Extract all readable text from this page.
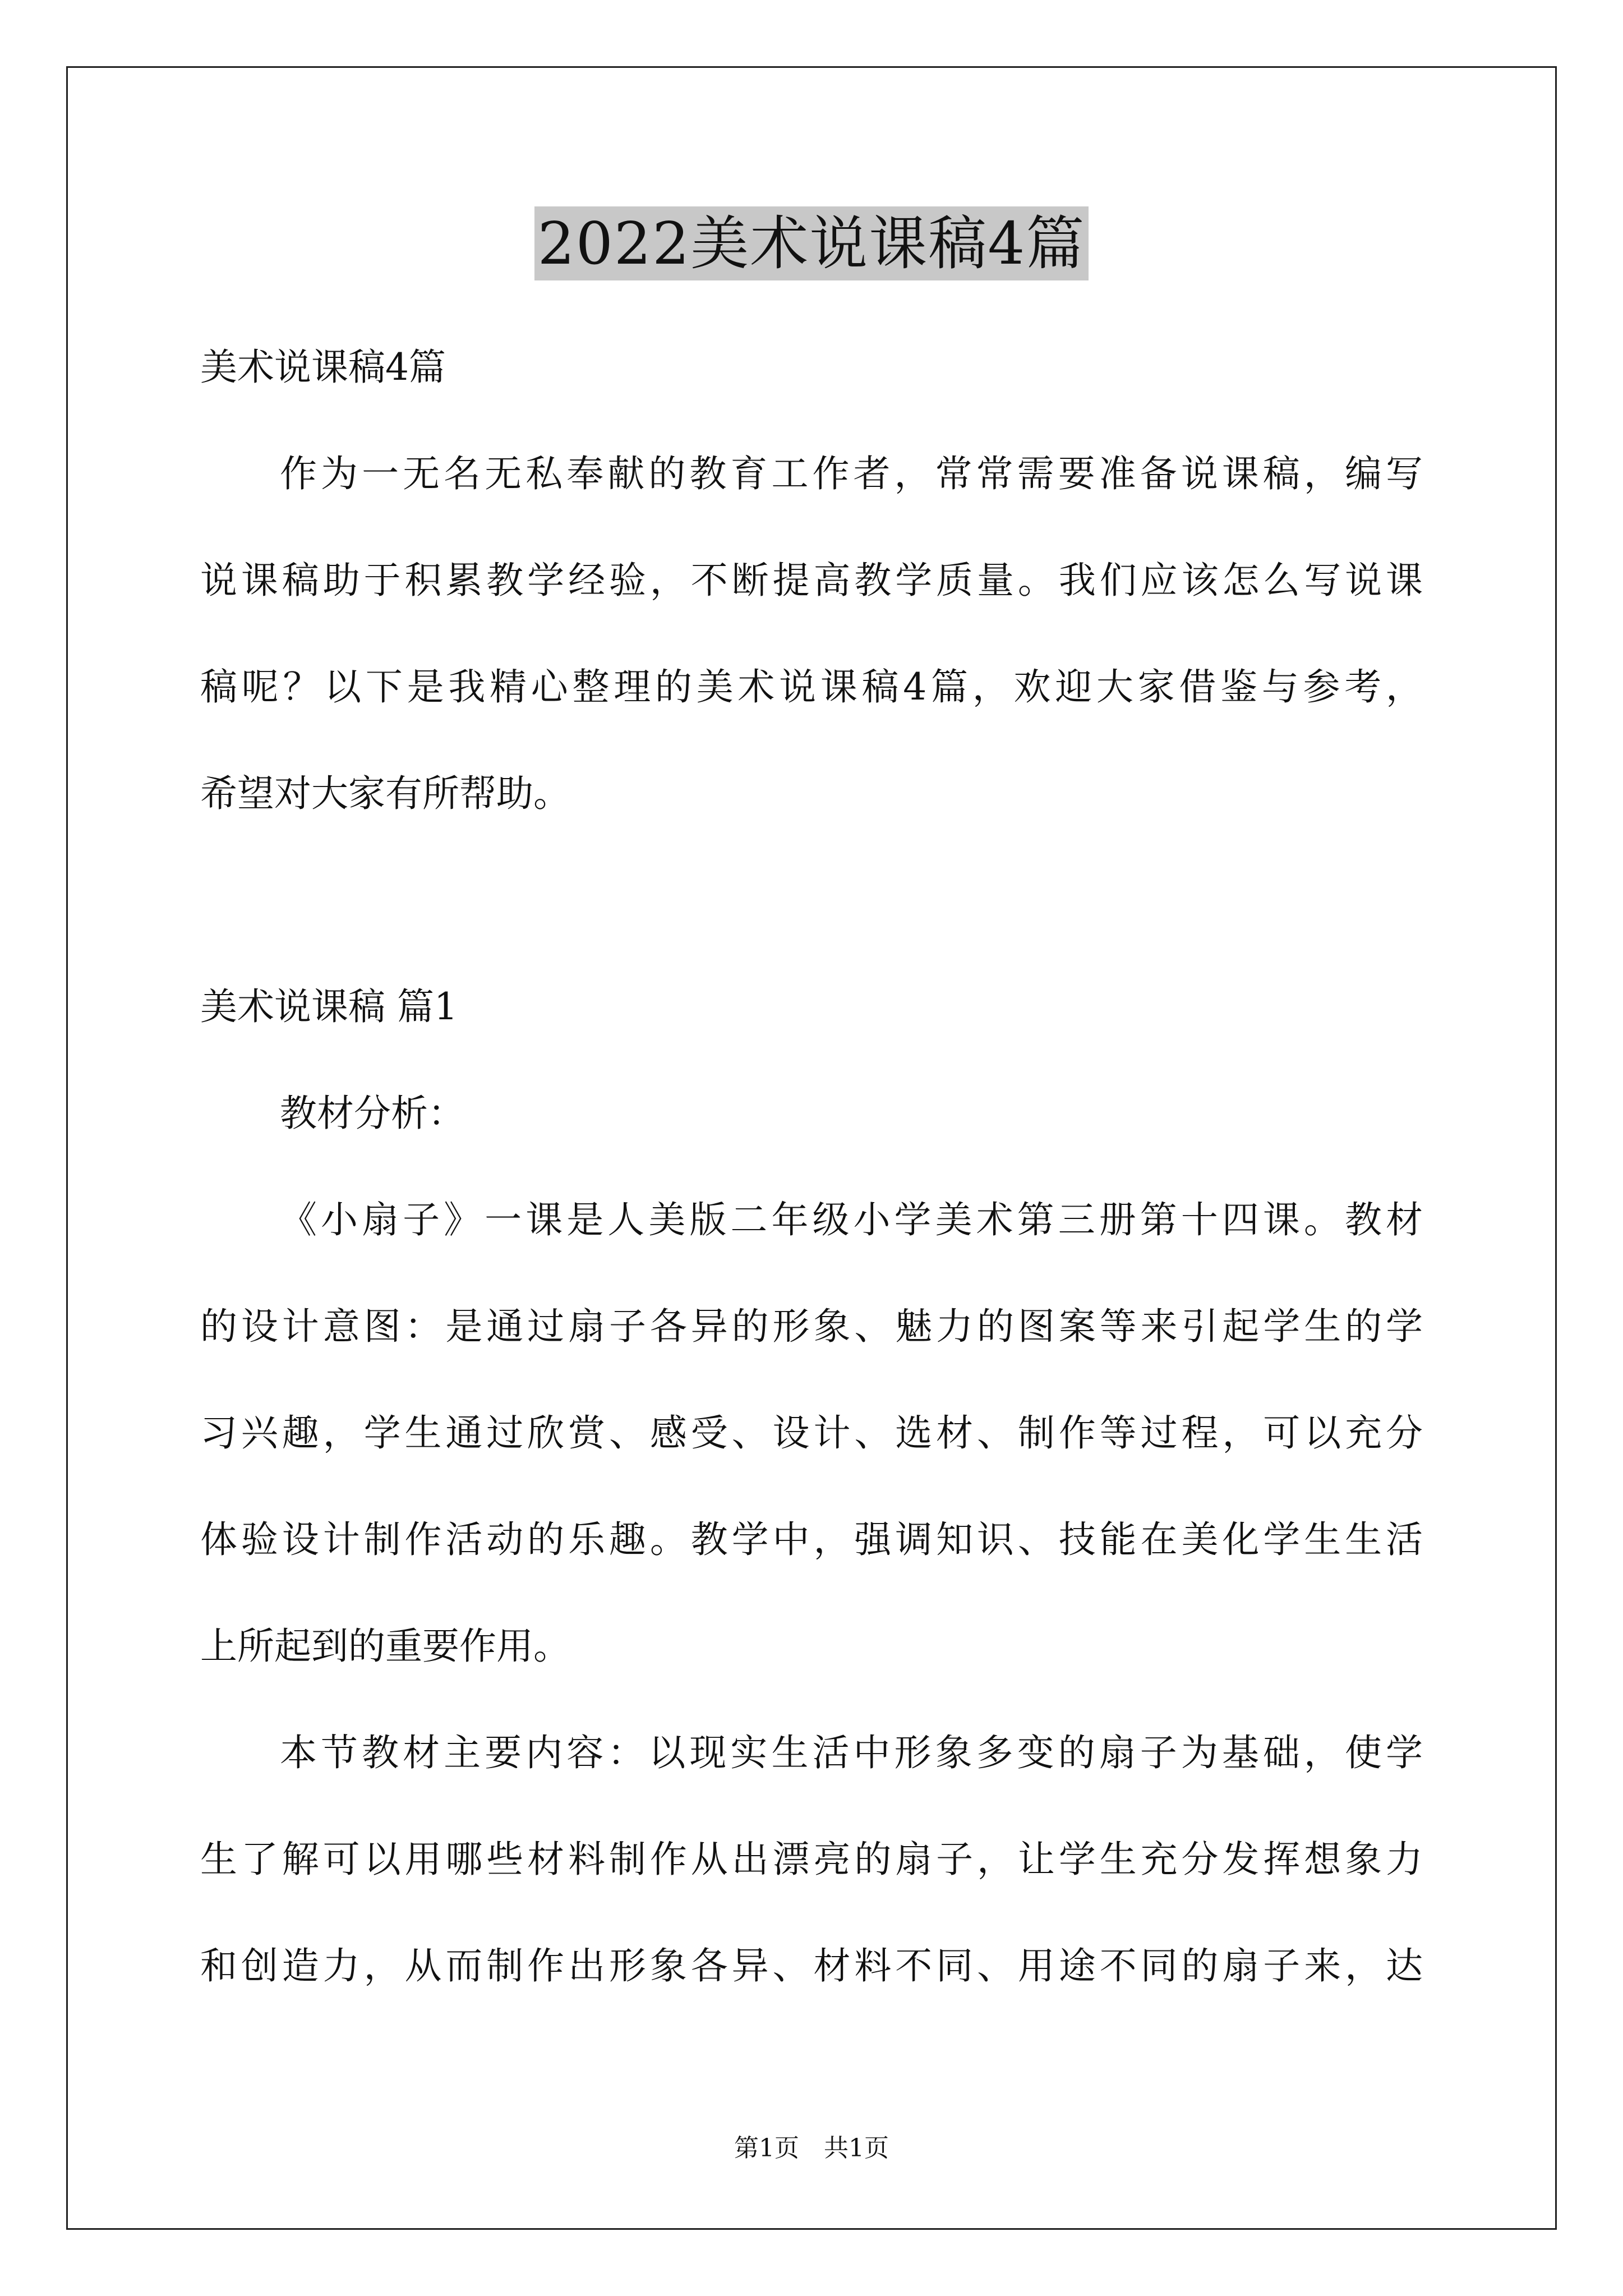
2022美术说课稿4篇
美术说课稿4篇
作为一无名无私奉献的教育工作者，常常需要准备说课稿，编写
说课稿助于积累教学经验，不断提高教学质量。我们应该怎么写说课
稿呢？以下是我精心整理的美术说课稿4篇，欢迎大家借鉴与参考，
希望对大家有所帮助。
美术说课稿 篇1
教材分析：
《小扇子》一课是人美版二年级小学美术第三册第十四课。教材
的设计意图：是通过扇子各异的形象、魅力的图案等来引起学生的学
习兴趣，学生通过欣赏、感受、设计、选材、制作等过程，可以充分
体验设计制作活动的乐趣。教学中，强调知识、技能在美化学生生活
上所起到的重要作用。
本节教材主要内容：以现实生活中形象多变的扇子为基础，使学
生了解可以用哪些材料制作从出漂亮的扇子，让学生充分发挥想象力
和创造力，从而制作出形象各异、材料不同、用途不同的扇子来，达
第1页　共1页
